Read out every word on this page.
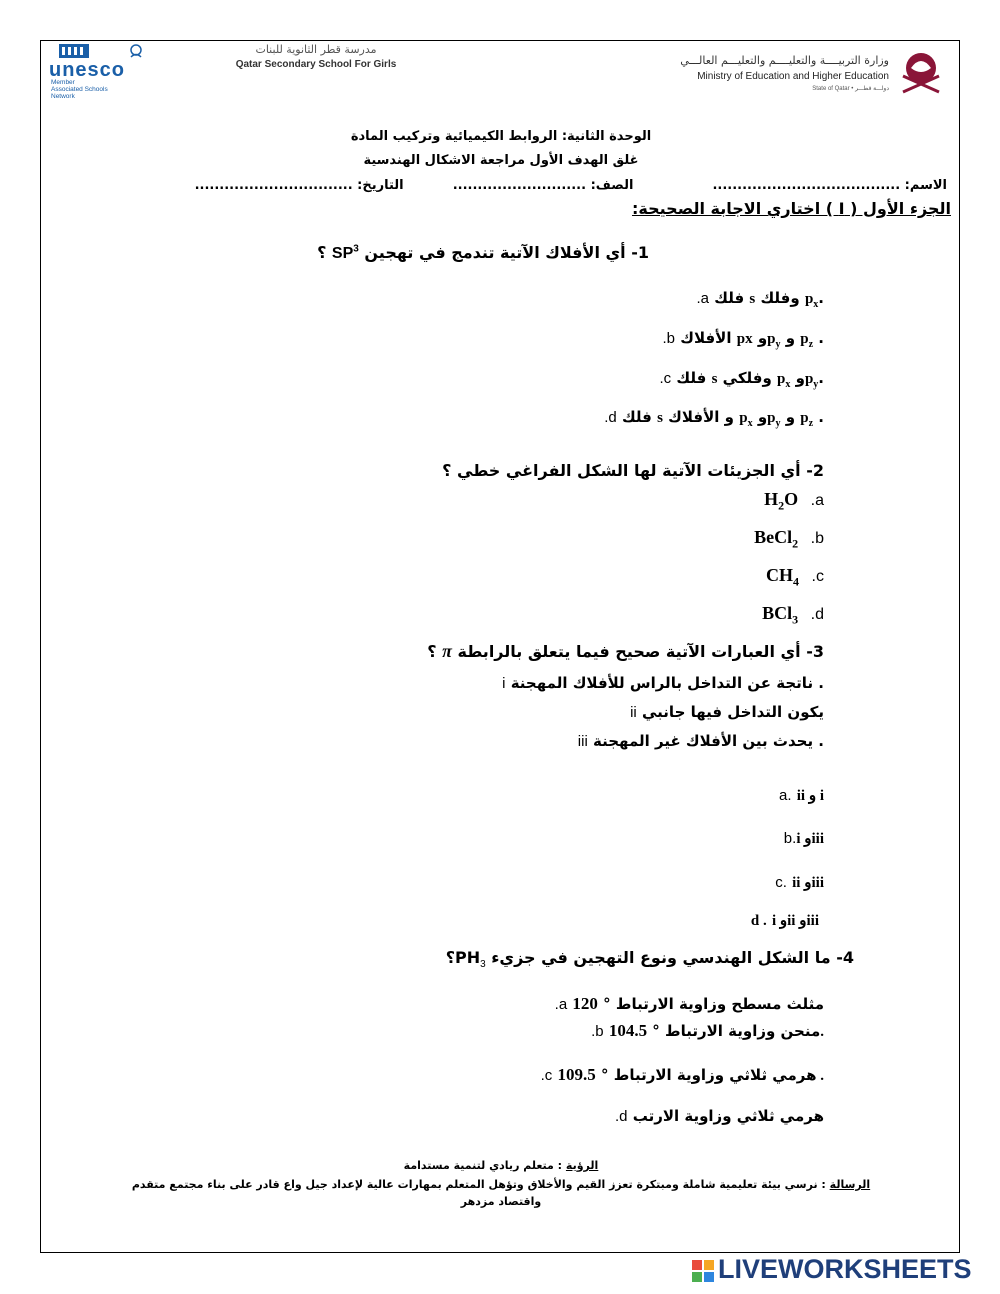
unesco
Member
Associated Schools
Network
مدرسة قطر الثانوية للبنات
Qatar Secondary School For Girls	وزارة التربيــــة والتعليــــم والتعليـــم العالـــي
Ministry of Education and Higher Education
State of Qatar • دولـــة قطـــر
الوحدة الثانية: الروابط الكيميائية وتركيب المادة
غلق الهدف الأول مراجعة الاشكال الهندسية
الاسم: ......................................  الصف: ...........................  التاريخ: ................................
الجزء الأول ( I ) اختاري الاجابة الصحيحة:
1- أي الأفلاك الآتية تندمج في تهجين $SP^3$ ؟
.a فلك s وفلك $p_x$.
.b الأفلاك px وp$_y$ و $p_z$ .
.c فلك s وفلكي $p_x$ وp$_y$.
.d فلك s و الأفلاك $p_x$ وp$_y$ و $p_z$ .
2- أي الجزيئات الآتية لها الشكل الفراغي خطي ؟
$H_2O$ .a
BeCl$_2$ .b
$CH_4$ .c
BCl$_3$ .d
3- أي العبارات الآتية صحيح فيما يتعلق بالرابطة π ؟
i ناتجة عن التداخل بالراس للأفلاك المهجنة .
ii يكون التداخل فيها جانبي
iii يحدث بين الأفلاك غير المهجنة .
a. ii و i
b.i وiii
c. ii وiii
d . i وii وiii
4- ما الشكل الهندسي ونوع التهجين في جزيء $PH_3؟$
.a مثلث مسطح وزاوية الارتباط ° 120
.b	منحن وزاوية الارتباط ° 104.5	.
.c	هرمي ثلاثي وزاوية الارتباط ° 109.5	.
.d هرمي ثلاثي وزاوية الارتب
الرؤية : متعلم ريادي لتنمية مستدامة
الرسالة : نرسي بيئة تعليمية شاملة ومبتكرة تعزز القيم والأخلاق وتؤهل المتعلم بمهارات عالية لإعداد جيل واع قادر على بناء مجتمع متقدم
واقتصاد مزدهر
LIVEWORKSHEETS
